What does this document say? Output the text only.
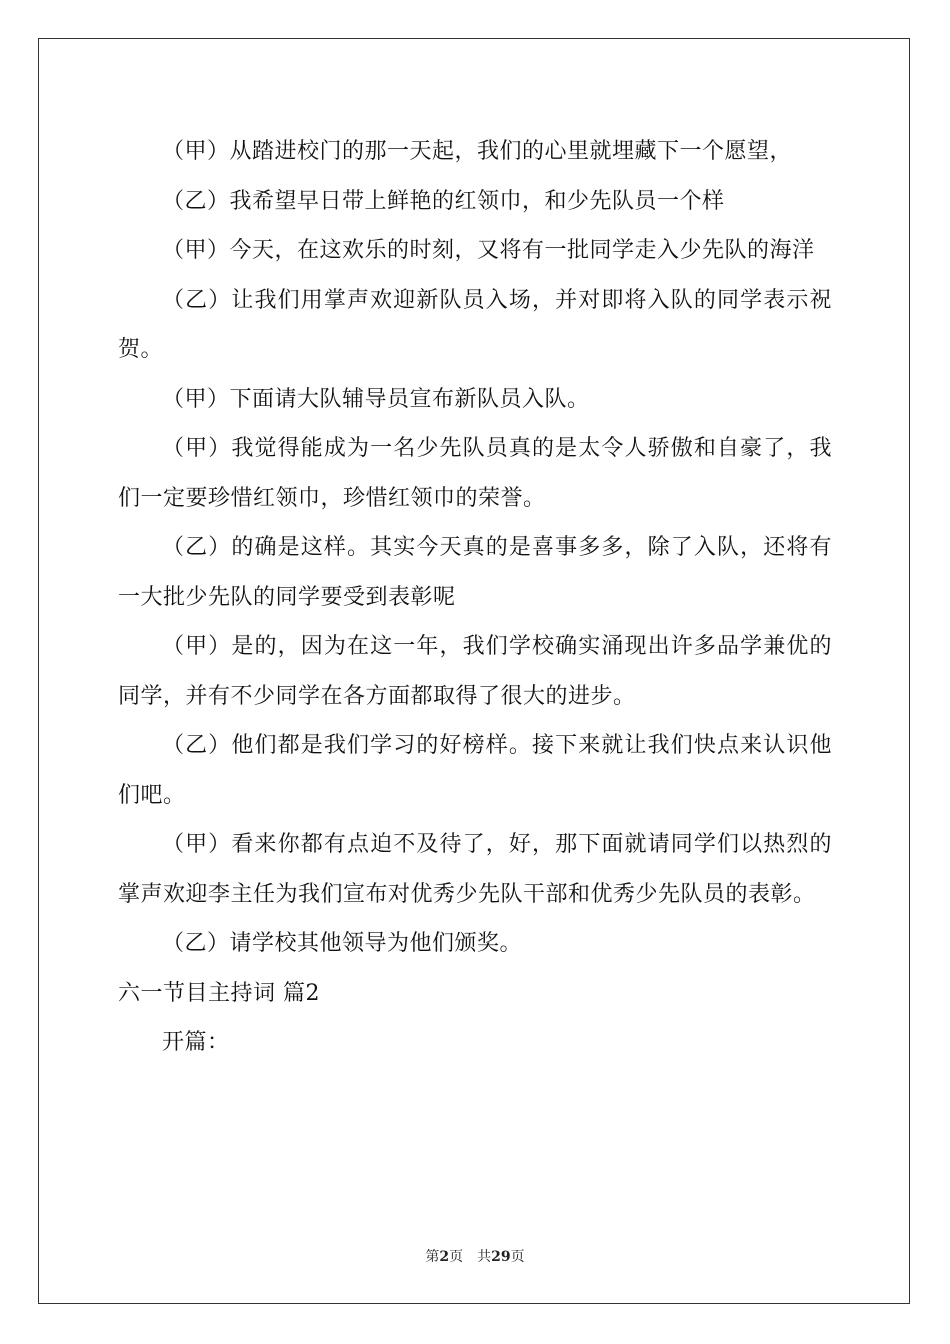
（甲）从踏进校门的那一天起，我们的心里就埋藏下一个愿望，

（乙）我希望早日带上鲜艳的红领巾，和少先队员一个样

（甲）今天，在这欢乐的时刻，又将有一批同学走入少先队的海洋

（乙）让我们用掌声欢迎新队员入场，并对即将入队的同学表示祝贺。

（甲）下面请大队辅导员宣布新队员入队。

（甲）我觉得能成为一名少先队员真的是太令人骄傲和自豪了，我们一定要珍惜红领巾，珍惜红领巾的荣誉。

（乙）的确是这样。其实今天真的是喜事多多，除了入队，还将有一大批少先队的同学要受到表彰呢

（甲）是的，因为在这一年，我们学校确实涌现出许多品学兼优的同学，并有不少同学在各方面都取得了很大的进步。

（乙）他们都是我们学习的好榜样。接下来就让我们快点来认识他们吧。

（甲）看来你都有点迫不及待了，好，那下面就请同学们以热烈的掌声欢迎李主任为我们宣布对优秀少先队干部和优秀少先队员的表彰。

（乙）请学校其他领导为他们颁奖。

六一节目主持词 篇2

开篇：

第2页 共29页
